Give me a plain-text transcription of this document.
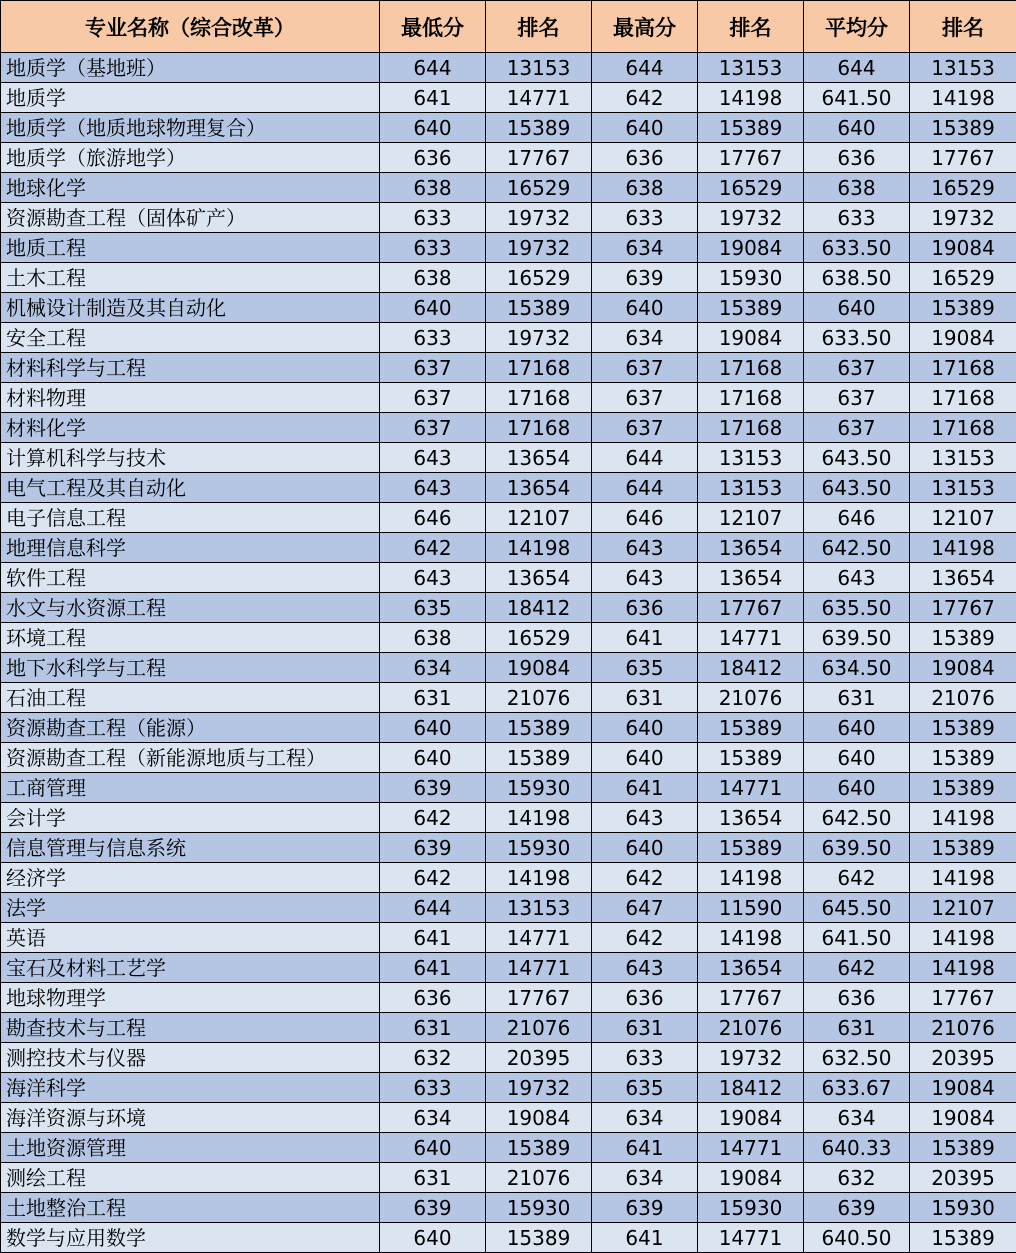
专业名称（综合改革）	最低分	排名	最高分	排名	平均分	排名
地质学（基地班）	644	13153	644	13153	644	13153
地质学	641	14771	642	14198	641.50	14198
地质学（地质地球物理复合）	640	15389	640	15389	640	15389
地质学（旅游地学）	636	17767	636	17767	636	17767
地球化学	638	16529	638	16529	638	16529
资源勘查工程（固体矿产）	633	19732	633	19732	633	19732
地质工程	633	19732	634	19084	633.50	19084
土木工程	638	16529	639	15930	638.50	16529
机械设计制造及其自动化	640	15389	640	15389	640	15389
安全工程	633	19732	634	19084	633.50	19084
材料科学与工程	637	17168	637	17168	637	17168
材料物理	637	17168	637	17168	637	17168
材料化学	637	17168	637	17168	637	17168
计算机科学与技术	643	13654	644	13153	643.50	13153
电气工程及其自动化	643	13654	644	13153	643.50	13153
电子信息工程	646	12107	646	12107	646	12107
地理信息科学	642	14198	643	13654	642.50	14198
软件工程	643	13654	643	13654	643	13654
水文与水资源工程	635	18412	636	17767	635.50	17767
环境工程	638	16529	641	14771	639.50	15389
地下水科学与工程	634	19084	635	18412	634.50	19084
石油工程	631	21076	631	21076	631	21076
资源勘查工程（能源）	640	15389	640	15389	640	15389
资源勘查工程（新能源地质与工程）	640	15389	640	15389	640	15389
工商管理	639	15930	641	14771	640	15389
会计学	642	14198	643	13654	642.50	14198
信息管理与信息系统	639	15930	640	15389	639.50	15389
经济学	642	14198	642	14198	642	14198
法学	644	13153	647	11590	645.50	12107
英语	641	14771	642	14198	641.50	14198
宝石及材料工艺学	641	14771	643	13654	642	14198
地球物理学	636	17767	636	17767	636	17767
勘查技术与工程	631	21076	631	21076	631	21076
测控技术与仪器	632	20395	633	19732	632.50	20395
海洋科学	633	19732	635	18412	633.67	19084
海洋资源与环境	634	19084	634	19084	634	19084
土地资源管理	640	15389	641	14771	640.33	15389
测绘工程	631	21076	634	19084	632	20395
土地整治工程	639	15930	639	15930	639	15930
数学与应用数学	640	15389	641	14771	640.50	15389
